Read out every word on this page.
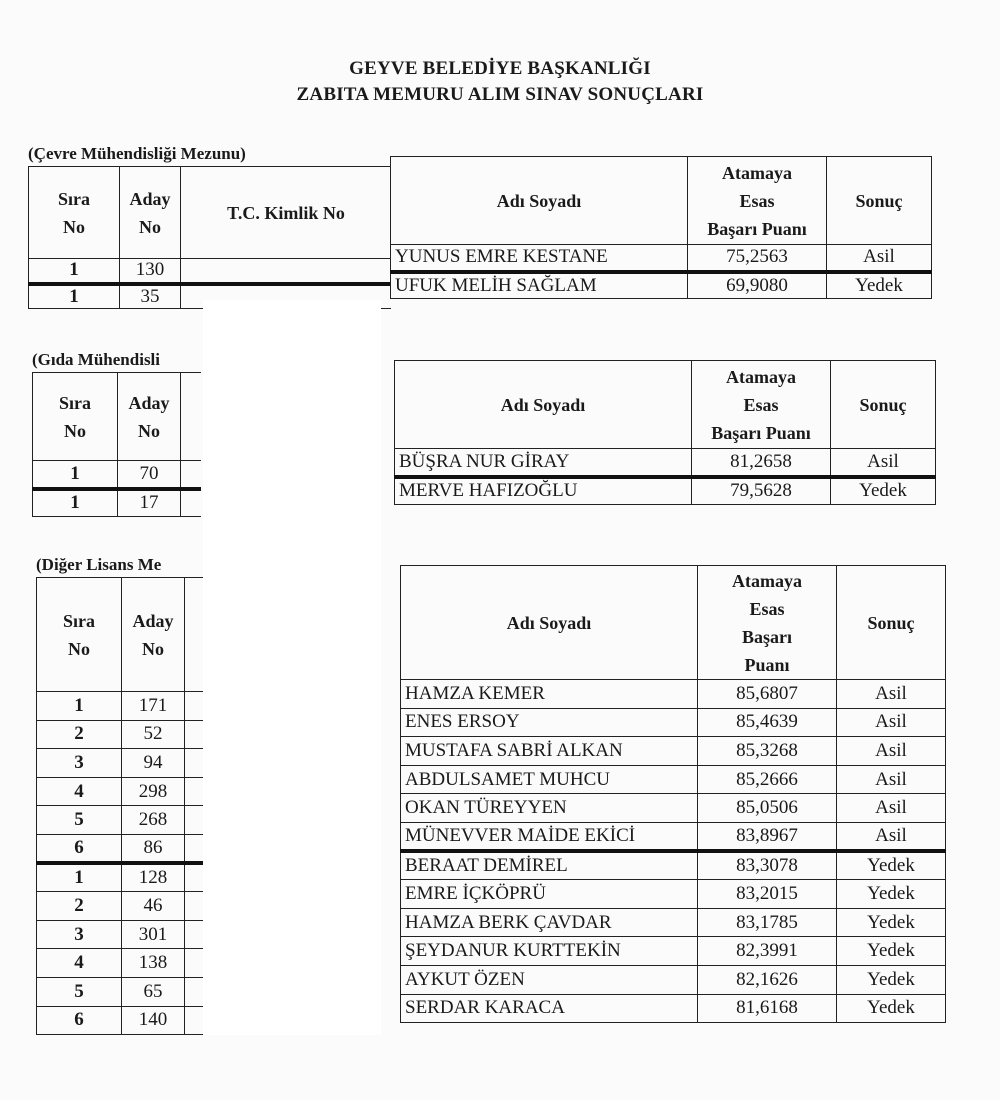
GEYVE BELEDİYE BAŞKANLIĞI
ZABITA MEMURU ALIM SINAV SONUÇLARI
(Çevre Mühendisliği Mezunu)
Sıra
No	Aday
No	T.C. Kimlik No
1	130	
1	35	
Adı Soyadı	Atamaya
Esas
Başarı Puanı	Sonuç
YUNUS EMRE KESTANE	75,2563	Asil
UFUK MELİH SAĞLAM	69,9080	Yedek
(Gıda Mühendisli
Sıra
No	Aday
No	
1	70	
1	17	
Adı Soyadı	Atamaya
Esas
Başarı Puanı	Sonuç
BÜŞRA NUR GİRAY	81,2658	Asil
MERVE HAFIZOĞLU	79,5628	Yedek
(Diğer Lisans Me
Sıra
No	Aday
No	
1	171	
2	52	
3	94	
4	298	
5	268	
6	86	
1	128	
2	46	
3	301	
4	138	
5	65	
6	140	
Adı Soyadı	Atamaya
Esas
Başarı
Puanı	Sonuç
HAMZA KEMER	85,6807	Asil
ENES ERSOY	85,4639	Asil
MUSTAFA SABRİ ALKAN	85,3268	Asil
ABDULSAMET MUHCU	85,2666	Asil
OKAN TÜREYYEN	85,0506	Asil
MÜNEVVER MAİDE EKİCİ	83,8967	Asil
BERAAT DEMİREL	83,3078	Yedek
EMRE İÇKÖPRÜ	83,2015	Yedek
HAMZA BERK ÇAVDAR	83,1785	Yedek
ŞEYDANUR KURTTEKİN	82,3991	Yedek
AYKUT ÖZEN	82,1626	Yedek
SERDAR KARACA	81,6168	Yedek
